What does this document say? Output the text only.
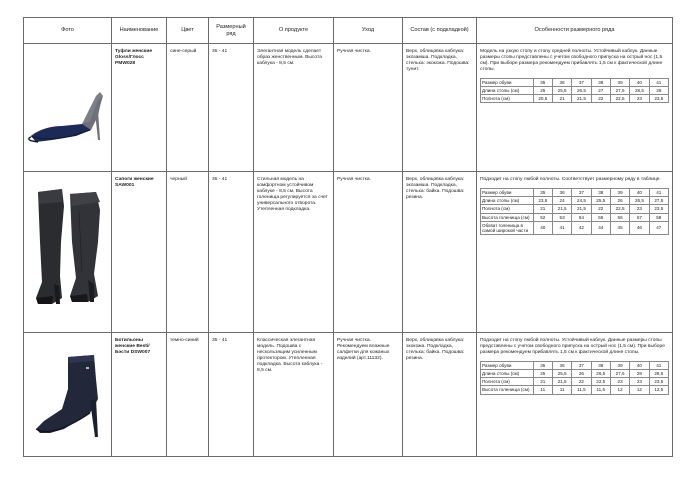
Фото	Наименование	Цвет	Размерный ряд	О продукте	Уход	Состав (с подкладкой)	Особенности размерного ряда

	Туфли женские Gloss/Глосс PMW028	сине-серый	35 - 41	Элегантная модель сделает образ женственным. Высота каблука - 8,5 см.	Ручная чистка.	Верх, облицовка каблука: экозамша. Подкладка, стелька: экокожа. Подошва: тунит.	
Модель на узкую стопу и стопу средней полноты. Устойчивый каблук. Данные размеры стопы представлены с учетом свободного припуска на острый нос (1,5 см). При выборе размера рекомендуем прибавлять 1,5 см к фактической длине стопы.
Размер обуви	35	36	37	38	39	40	41
Длина стопы (см)	25	25,5	26,5	27	27,5	28,5	29
Полнота (см)	20,5	21	21,5	22	22,5	23	23,5

	Сапоги женские SAW001	черный	35 - 41	Стильная модель на комфортном устойчивом каблуке - 8,5 см. Высота голенища регулируется за счет универсального отворота. Утепленная подкладка.	Ручная чистка.	Верх, облицовка каблука: экозамша. Подкладка, стелька: байка. Подошва: резина.	
Подходит на стопу любой полноты. Соответствует размерному ряду в таблице.
Размер обуви	35	36	37	38	39	40	41
Длина стопы (см)	23,5	24	24,5	25,5	26	26,5	27,5
Полнота (см)	21	21,5	21,5	22	22,5	23	23,5
Высота голенища (см)	52	53	54	55	56	57	58
Обхват голенища в самой широкой части	40	41	42	44	45	46	47

	Ботильоны женские Besti/Бэсти DSW007	темно-синий	35 - 41	Классическая элегантная модель. Подошва с нескользящим усиленным протектором. Утепленная подкладка. Высота каблука - 8,5 см.	Ручная чистка. Рекомендуем влажные салфетки для кожаных изделий (арт.11132).	Верх, облицовка каблука: экокожа. Подкладка, стелька: байка. Подошва: резина.	
Подходит на стопу любой полноты. Устойчивый каблук. Данные размеры стопы представлены с учетом свободного припуска на острый нос (1,5 см). При выборе размера рекомендуем прибавлять 1,5 см к фактической длине стопы.
Размер обуви	35	36	37	38	39	40	41
Длина стопы (см)	25	25,5	26	26,5	27,5	28	28,5
Полнота (см)	21	21,5	22	22,5	23	23	23,5
Высота голенища (см)	11	11	11,5	11,5	12	12	12,5
